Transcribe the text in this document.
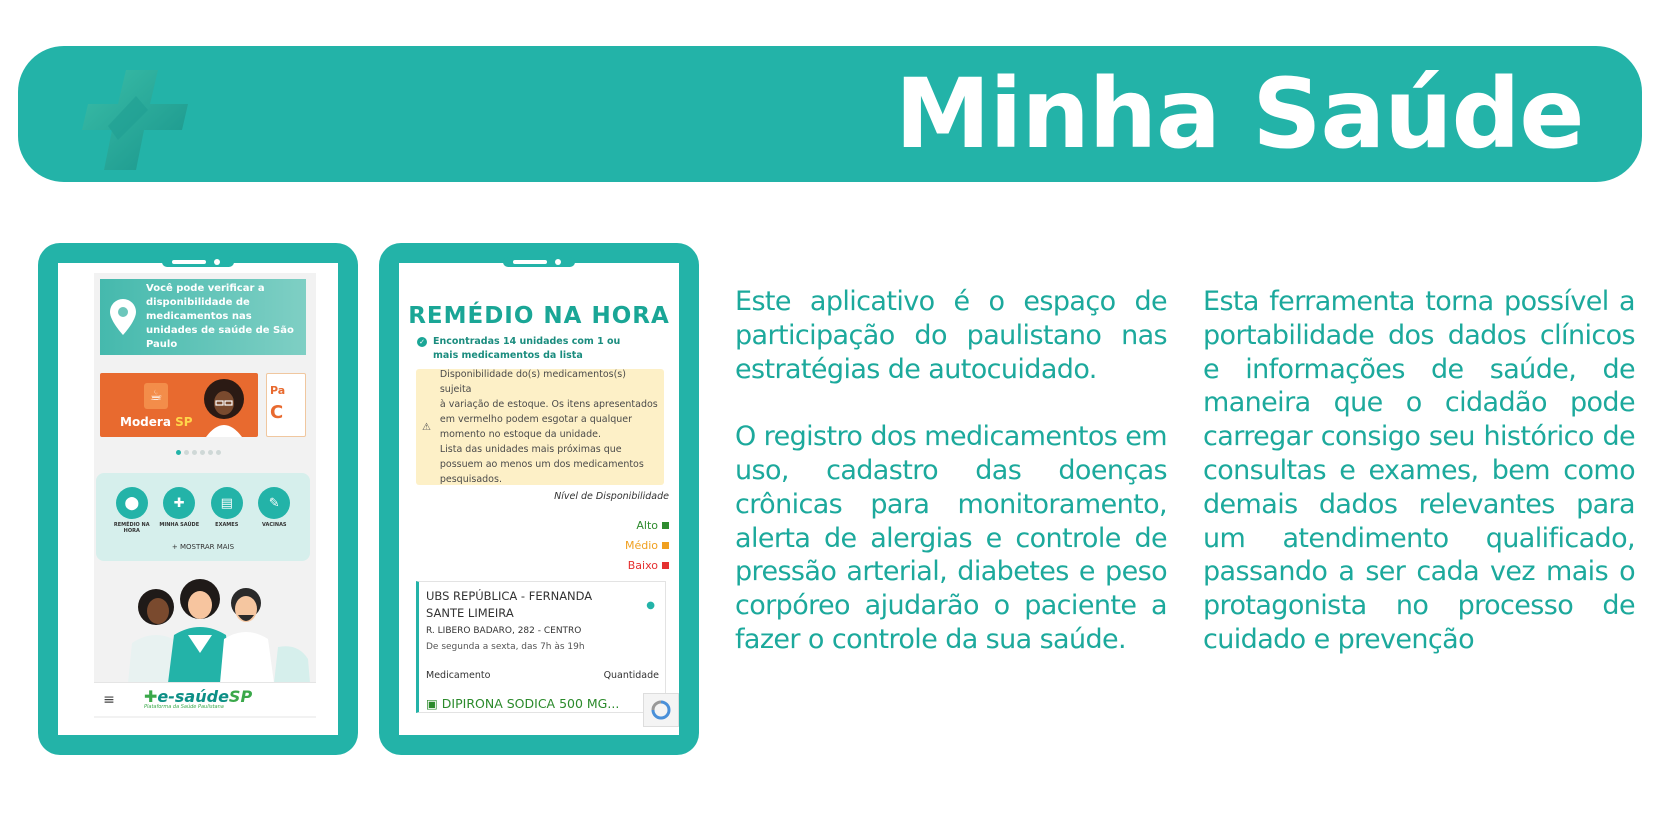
Minha Saúde
Você pode verificar a disponibilidade de medicamentos nas unidades de saúde de São Paulo
☕
Modera SP
Pa
C
⬤
REMÉDIO NA HORA
✚
MINHA SAÚDE
▤
EXAMES
✎
VACINAS
+ MOSTRAR MAIS
≡	✚e-saúdeSP
Plataforma da Saúde Paulistana
REMÉDIO NA HORA
✓ Encontradas 14 unidades com 1 ou mais medicamentos da lista
⚠
Disponibilidade do(s) medicamentos(s) sujeita
à variação de estoque. Os itens apresentados
em vermelho podem esgotar a qualquer
momento no estoque da unidade.
Lista das unidades mais próximas que
possuem ao menos um dos medicamentos
pesquisados.
Nível de Disponibilidade
Alto
Médio
Baixo
UBS REPÚBLICA - FERNANDA SANTE LIMEIRA
●
R. LIBERO BADARO, 282 - CENTRO
De segunda a sexta, das 7h às 19h
Medicamento	Quantidade
▣ DIPIRONA SODICA 500 MG...

Este aplicativo é o espaço de participação do paulistano nas estratégias de autocuidado.

O registro dos medicamentos em uso, cadastro das doenças crônicas para monitoramento, alerta de alergias e controle de pressão arterial, diabetes e peso corpóreo ajudarão o paciente a fazer o controle da sua saúde.

Esta ferramenta torna possível a portabilidade dos dados clínicos e informações de saúde, de maneira que o cidadão pode carregar consigo seu histórico de consultas e exames, bem como demais dados relevantes para um atendimento qualificado, passando a ser cada vez mais o protagonista no processo de cuidado e prevenção
